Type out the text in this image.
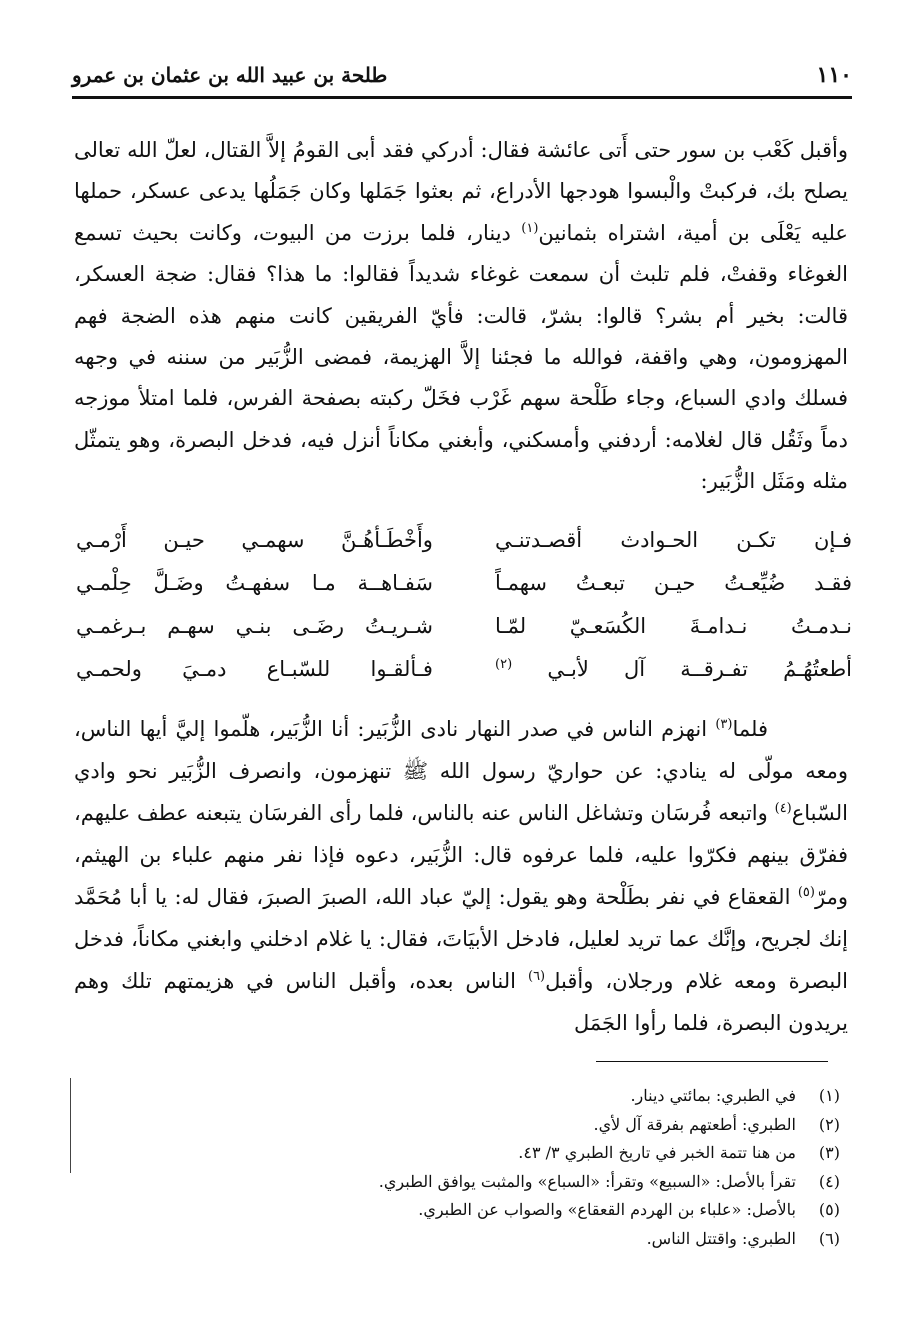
١١٠
طلحة بن عبيد الله بن عثمان بن عمرو

وأقبل كَعْب بن سور حتى أَتى عائشة فقال: أدركي فقد أبى القومُ إلاَّ القتال، لعلّ الله تعالى يصلح بك، فركبتْ والْبسوا هودجها الأدراع، ثم بعثوا جَمَلها وكان جَمَلُها يدعى عسكر، حملها عليه يَعْلَى بن أمية، اشتراه بثمانين$^{(١)}$ دينار، فلما برزت من البيوت، وكانت بحيث تسمع الغوغاء وقفتْ، فلم تلبث أن سمعت غوغاء شديداً فقالوا: ما هذا؟ فقال: ضجة العسكر، قالت: بخير أم بشر؟ قالوا: بشرّ، قالت: فأيّ الفريقين كانت منهم هذه الضجة فهم المهزومون، وهي واقفة، فوالله ما فجئنا إلاَّ الهزيمة، فمضى الزُّبَير من سننه في وجهه فسلك وادي السباع، وجاء طَلْحة سهم غَرْب فخَلّ ركبته بصفحة الفرس، فلما امتلأ موزجه دماً وثَقُل قال لغلامه: أردفني وأمسكني، وأبغني مكاناً أنزل فيه، فدخل البصرة، وهو يتمثّل مثله ومَثَل الزُّبَير:

فـإن تكـن الحـوادث أقصـدتنـي
وأَخْطَـأهُـنَّ سهمـي حيـن أَرْمـي
فقـد ضُيِّعـتُ حيـن تبعـتُ سهمـاً
سَفـاهــة مـا سفهـتُ وضَـلَّ حِلْمـي
نـدمـتُ نـدامـةَ الكُسَعـيّ لمّـا
شـريـتُ رضَـى بنـي سهـم بـرغمـي
أطعتُهُـمُ تفـرقــة آل لأبـي $^{(٢)}$
فـألقـوا للسّبـاع دمـيَ ولحمـي

فلما$^{(٣)}$ انهزم الناس في صدر النهار نادى الزُّبَير: أنا الزُّبَير، هلّموا إليَّ أيها الناس، ومعه مولّى له ينادي: عن حواريّ رسول الله ﷺ تنهزمون، وانصرف الزُّبَير نحو وادي السّباع$^{(٤)}$ واتبعه فُرسَان وتشاغل الناس عنه بالناس، فلما رأى الفرسَان يتبعنه عطف عليهم، ففرّق بينهم فكرّوا عليه، فلما عرفوه قال: الزُّبَير، دعوه فإذا نفر منهم علباء بن الهيثم، ومرّ$^{(٥)}$ القعقاع في نفر بطَلْحة وهو يقول: إليّ عباد الله، الصبرَ الصبرَ، فقال له: يا أبا مُحَمَّد إنك لجريح، وإنَّك عما تريد لعليل، فادخل الأبيَاتَ، فقال: يا غلام ادخلني وابغني مكاناً، فدخل البصرة ومعه غلام ورجلان، وأقبل$^{(٦)}$ الناس بعده، وأقبل الناس في هزيمتهم تلك وهم يريدون البصرة، فلما رأوا الجَمَل

(١)
في الطبري: بمائتي دينار.
(٢)
الطبري: أطعتهم بفرقة آل لأي.
(٣)
من هنا تتمة الخبر في تاريخ الطبري ٣/ ٤٣.
(٤)
تقرأ بالأصل: «السبيع» وتقرأ: «السباع» والمثبت يوافق الطبري.
(٥)
بالأصل: «علباء بن الهردم القعقاع» والصواب عن الطبري.
(٦)
الطبري: واقتتل الناس.
